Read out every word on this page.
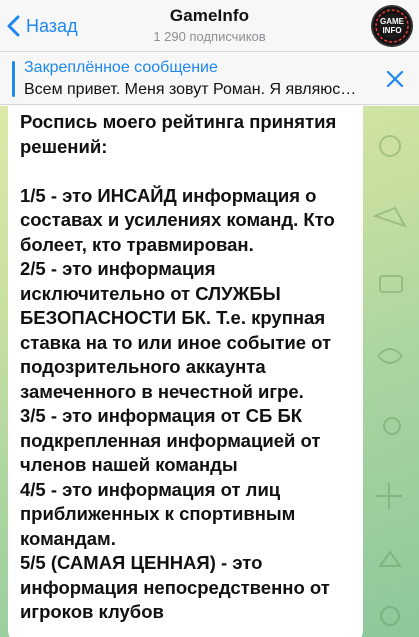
Назад	GameInfo
1 290 подписчиков
GAME
INFO
Закреплённое сообщение
Всем привет. Меня зовут Роман. Я являюс…

Роспись моего рейтинга принятия

решений:

1/5 - это ИНСАЙД информация о

составах и усилениях команд. Кто

болеет, кто травмирован.

2/5 - это информация

исключительно от СЛУЖБЫ

БЕЗОПАСНОСТИ БК. Т.е. крупная

ставка на то или иное событие от

подозрительного аккаунта

замеченного в нечестной игре.

3/5 - это информация от СБ БК

подкрепленная информацией от

членов нашей команды

4/5 - это информация от лиц

приближенных к спортивным

командам.

5/5 (САМАЯ ЦЕННАЯ) - это

информация непосредственно от

игроков клубов
